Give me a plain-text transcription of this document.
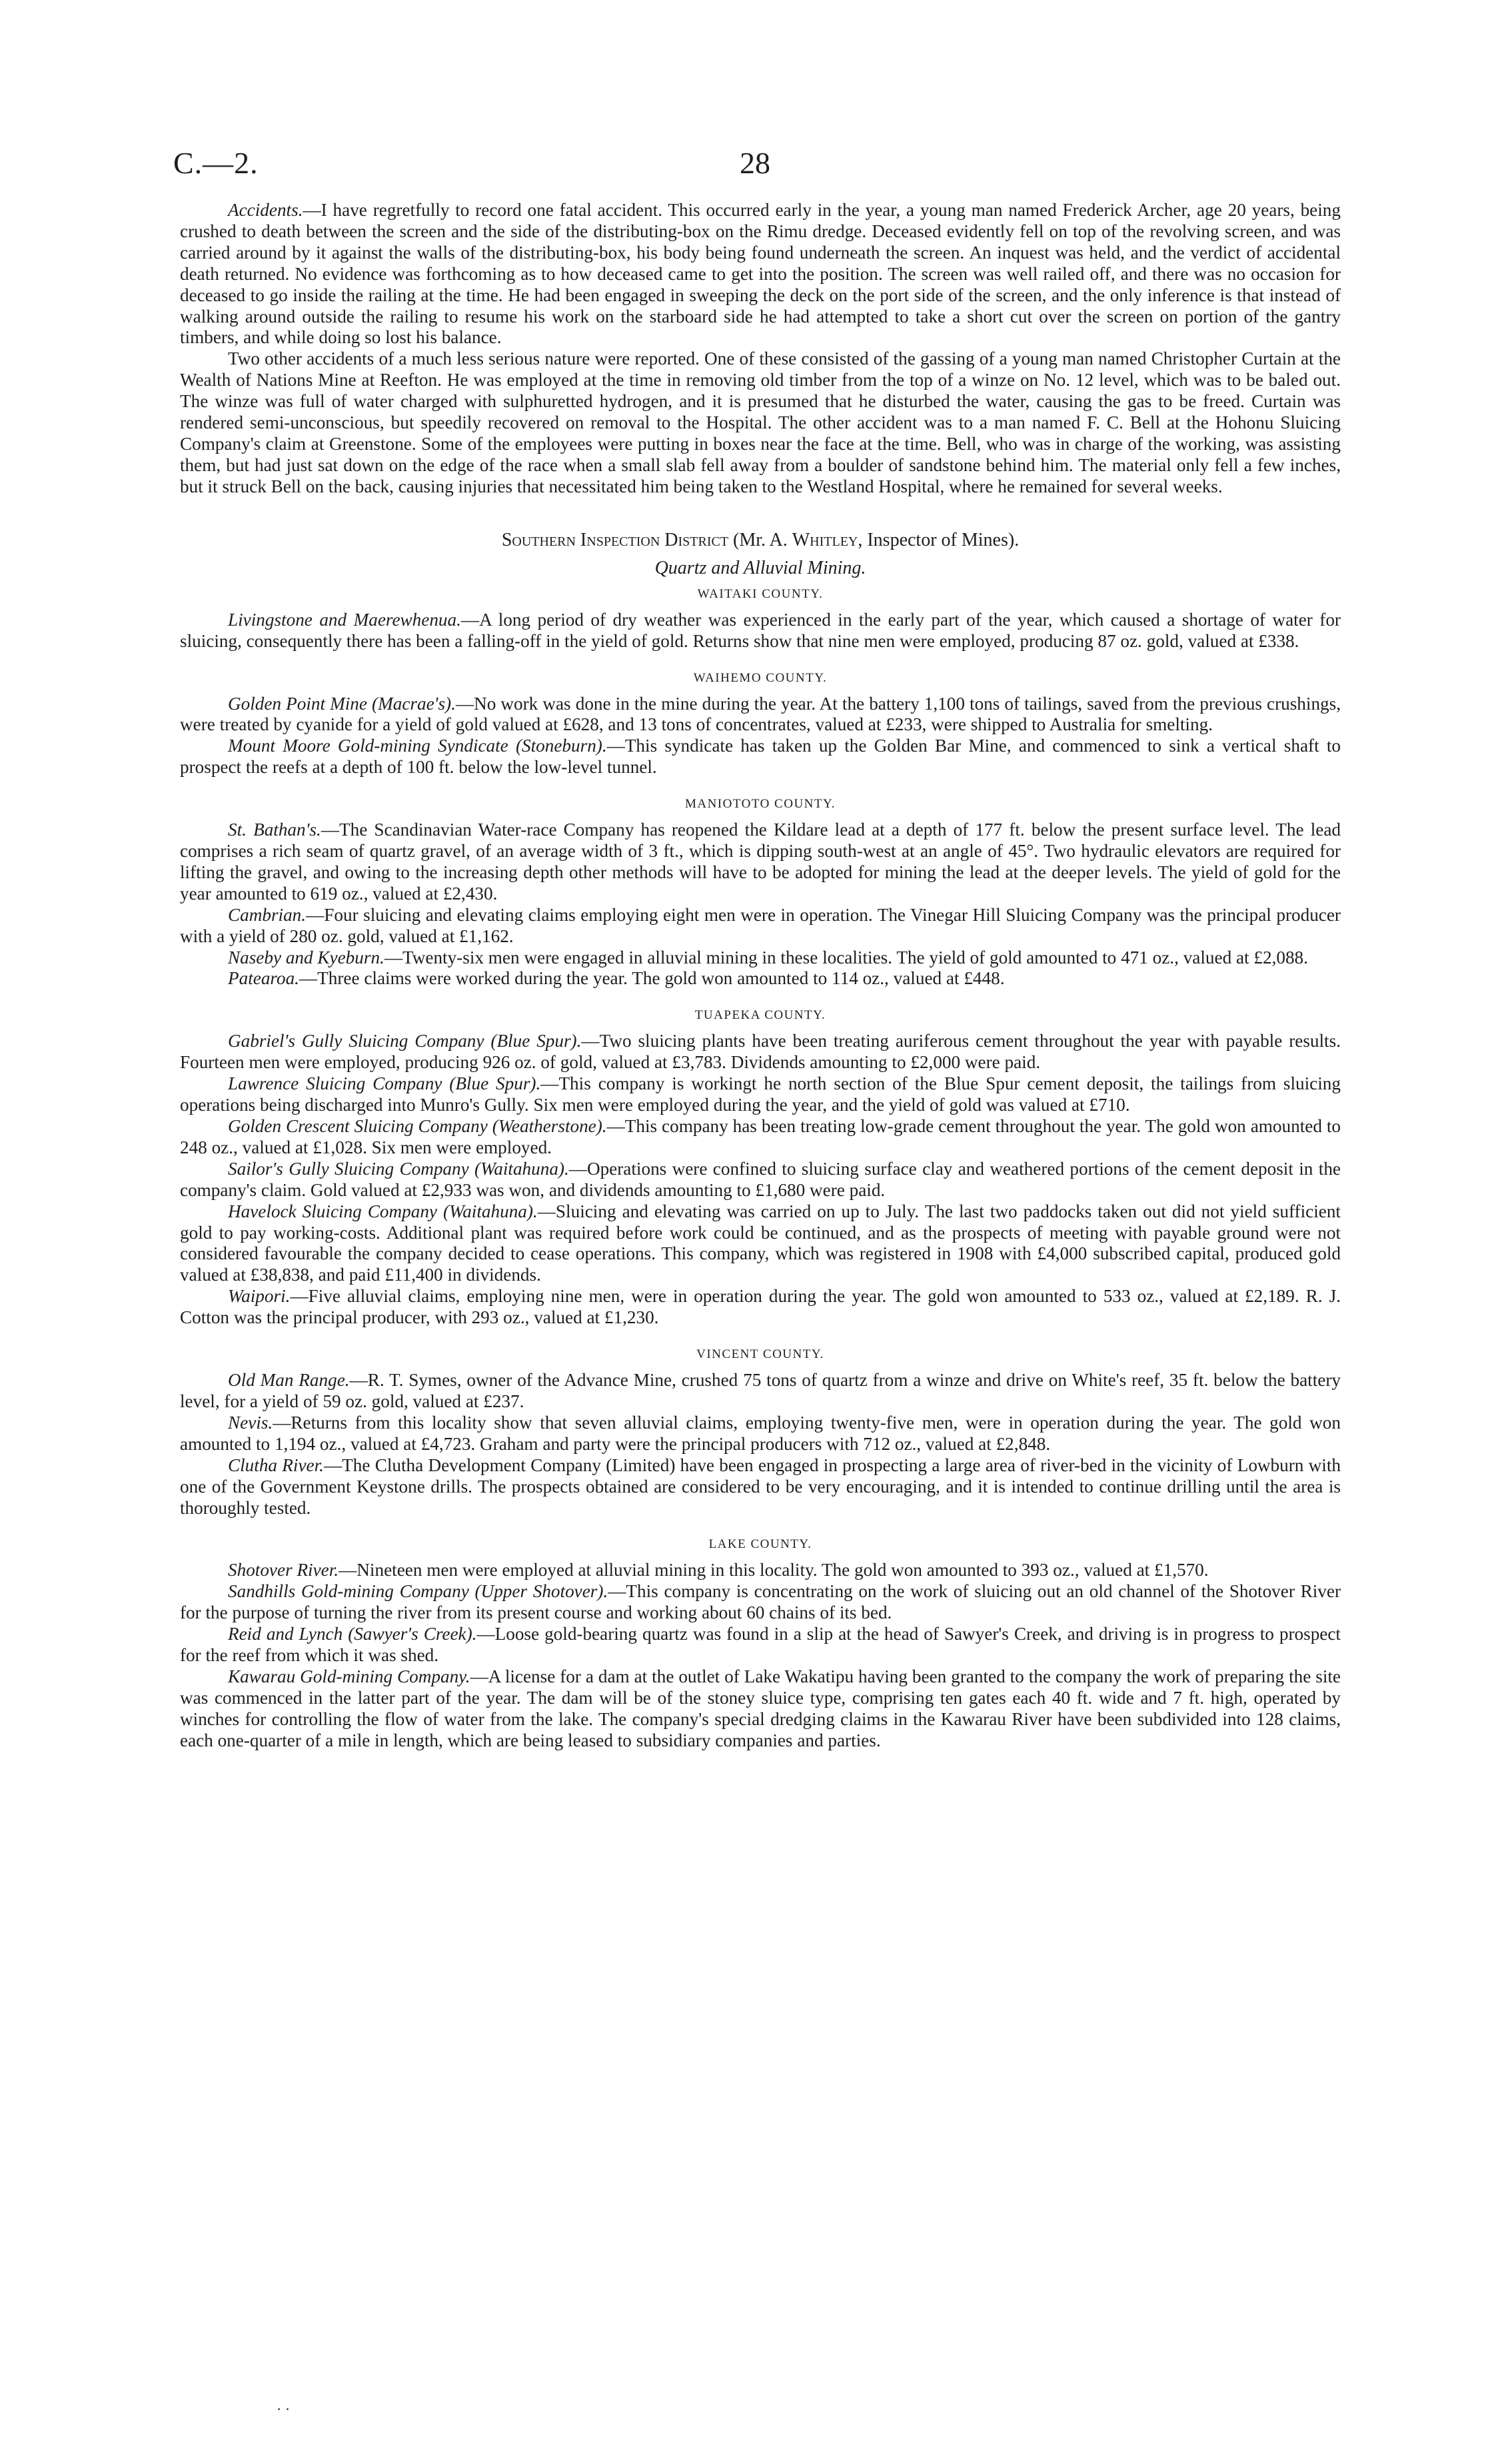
C.—2.	28

Accidents.—I have regretfully to record one fatal accident. This occurred early in the year, a young man named Frederick Archer, age 20 years, being crushed to death between the screen and the side of the distributing-box on the Rimu dredge. Deceased evidently fell on top of the revolving screen, and was carried around by it against the walls of the distributing-box, his body being found underneath the screen. An inquest was held, and the verdict of accidental death returned. No evidence was forthcoming as to how deceased came to get into the position. The screen was well railed off, and there was no occasion for deceased to go inside the railing at the time. He had been engaged in sweeping the deck on the port side of the screen, and the only inference is that instead of walking around outside the railing to resume his work on the starboard side he had attempted to take a short cut over the screen on portion of the gantry timbers, and while doing so lost his balance.

Two other accidents of a much less serious nature were reported. One of these consisted of the gassing of a young man named Christopher Curtain at the Wealth of Nations Mine at Reefton. He was employed at the time in removing old timber from the top of a winze on No. 12 level, which was to be baled out. The winze was full of water charged with sulphuretted hydrogen, and it is presumed that he disturbed the water, causing the gas to be freed. Curtain was rendered semi-unconscious, but speedily recovered on removal to the Hospital. The other accident was to a man named F. C. Bell at the Hohonu Sluicing Company's claim at Greenstone. Some of the employees were putting in boxes near the face at the time. Bell, who was in charge of the working, was assisting them, but had just sat down on the edge of the race when a small slab fell away from a boulder of sandstone behind him. The material only fell a few inches, but it struck Bell on the back, causing injuries that necessitated him being taken to the Westland Hospital, where he remained for several weeks.

Southern Inspection District (Mr. A. Whitley, Inspector of Mines).
Quartz and Alluvial Mining.
WAITAKI COUNTY.

Livingstone and Maerewhenua.—A long period of dry weather was experienced in the early part of the year, which caused a shortage of water for sluicing, consequently there has been a falling-off in the yield of gold. Returns show that nine men were employed, producing 87 oz. gold, valued at £338.

WAIHEMO COUNTY.

Golden Point Mine (Macrae's).—No work was done in the mine during the year. At the battery 1,100 tons of tailings, saved from the previous crushings, were treated by cyanide for a yield of gold valued at £628, and 13 tons of concentrates, valued at £233, were shipped to Australia for smelting.

Mount Moore Gold-mining Syndicate (Stoneburn).—This syndicate has taken up the Golden Bar Mine, and commenced to sink a vertical shaft to prospect the reefs at a depth of 100 ft. below the low-level tunnel.

MANIOTOTO COUNTY.

St. Bathan's.—The Scandinavian Water-race Company has reopened the Kildare lead at a depth of 177 ft. below the present surface level. The lead comprises a rich seam of quartz gravel, of an average width of 3 ft., which is dipping south-west at an angle of 45°. Two hydraulic elevators are required for lifting the gravel, and owing to the increasing depth other methods will have to be adopted for mining the lead at the deeper levels. The yield of gold for the year amounted to 619 oz., valued at £2,430.

Cambrian.—Four sluicing and elevating claims employing eight men were in operation. The Vinegar Hill Sluicing Company was the principal producer with a yield of 280 oz. gold, valued at £1,162.

Naseby and Kyeburn.—Twenty-six men were engaged in alluvial mining in these localities. The yield of gold amounted to 471 oz., valued at £2,088.

Patearoa.—Three claims were worked during the year. The gold won amounted to 114 oz., valued at £448.

TUAPEKA COUNTY.

Gabriel's Gully Sluicing Company (Blue Spur).—Two sluicing plants have been treating auriferous cement throughout the year with payable results. Fourteen men were employed, producing 926 oz. of gold, valued at £3,783. Dividends amounting to £2,000 were paid.

Lawrence Sluicing Company (Blue Spur).—This company is workingt he north section of the Blue Spur cement deposit, the tailings from sluicing operations being discharged into Munro's Gully. Six men were employed during the year, and the yield of gold was valued at £710.

Golden Crescent Sluicing Company (Weatherstone).—This company has been treating low-grade cement throughout the year. The gold won amounted to 248 oz., valued at £1,028. Six men were employed.

Sailor's Gully Sluicing Company (Waitahuna).—Operations were confined to sluicing surface clay and weathered portions of the cement deposit in the company's claim. Gold valued at £2,933 was won, and dividends amounting to £1,680 were paid.

Havelock Sluicing Company (Waitahuna).—Sluicing and elevating was carried on up to July. The last two paddocks taken out did not yield sufficient gold to pay working-costs. Additional plant was required before work could be continued, and as the prospects of meeting with payable ground were not considered favourable the company decided to cease operations. This company, which was registered in 1908 with £4,000 subscribed capital, produced gold valued at £38,838, and paid £11,400 in dividends.

Waipori.—Five alluvial claims, employing nine men, were in operation during the year. The gold won amounted to 533 oz., valued at £2,189. R. J. Cotton was the principal producer, with 293 oz., valued at £1,230.

VINCENT COUNTY.

Old Man Range.—R. T. Symes, owner of the Advance Mine, crushed 75 tons of quartz from a winze and drive on White's reef, 35 ft. below the battery level, for a yield of 59 oz. gold, valued at £237.

Nevis.—Returns from this locality show that seven alluvial claims, employing twenty-five men, were in operation during the year. The gold won amounted to 1,194 oz., valued at £4,723. Graham and party were the principal producers with 712 oz., valued at £2,848.

Clutha River.—The Clutha Development Company (Limited) have been engaged in prospecting a large area of river-bed in the vicinity of Lowburn with one of the Government Keystone drills. The prospects obtained are considered to be very encouraging, and it is intended to continue drilling until the area is thoroughly tested.

LAKE COUNTY.

Shotover River.—Nineteen men were employed at alluvial mining in this locality. The gold won amounted to 393 oz., valued at £1,570.

Sandhills Gold-mining Company (Upper Shotover).—This company is concentrating on the work of sluicing out an old channel of the Shotover River for the purpose of turning the river from its present course and working about 60 chains of its bed.

Reid and Lynch (Sawyer's Creek).—Loose gold-bearing quartz was found in a slip at the head of Sawyer's Creek, and driving is in progress to prospect for the reef from which it was shed.

Kawarau Gold-mining Company.—A license for a dam at the outlet of Lake Wakatipu having been granted to the company the work of preparing the site was commenced in the latter part of the year. The dam will be of the stoney sluice type, comprising ten gates each 40 ft. wide and 7 ft. high, operated by winches for controlling the flow of water from the lake. The company's special dredging claims in the Kawarau River have been subdivided into 128 claims, each one-quarter of a mile in length, which are being leased to subsidiary companies and parties.

· ·
